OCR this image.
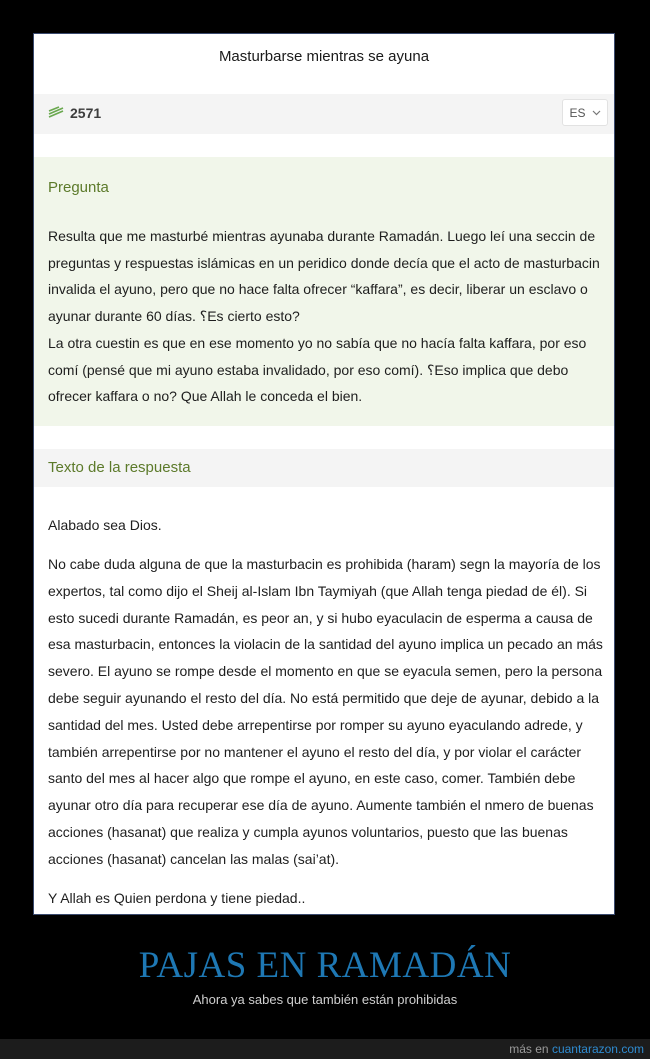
Masturbarse mientras se ayuna
2571	ES
Pregunta
Resulta que me masturbé mientras ayunaba durante Ramadán. Luego leí una seccin de preguntas y respuestas islámicas en un peridico donde decía que el acto de masturbacin invalida el ayuno, pero que no hace falta ofrecer “kaffara”, es decir, liberar un esclavo o ayunar durante 60 días. ؟Es cierto esto?
La otra cuestin es que en ese momento yo no sabía que no hacía falta kaffara, por eso comí (pensé que mi ayuno estaba invalidado, por eso comí). ؟Eso implica que debo ofrecer kaffara o no? Que Allah le conceda el bien.
Texto de la respuesta

Alabado sea Dios.

No cabe duda alguna de que la masturbacin es prohibida (haram) segn la mayoría de los expertos, tal como dijo el Sheij al-Islam Ibn Taymiyah (que Allah tenga piedad de él). Si esto sucedi durante Ramadán, es peor an, y si hubo eyaculacin de esperma a causa de esa masturbacin, entonces la violacin de la santidad del ayuno implica un pecado an más severo. El ayuno se rompe desde el momento en que se eyacula semen, pero la persona debe seguir ayunando el resto del día. No está permitido que deje de ayunar, debido a la santidad del mes. Usted debe arrepentirse por romper su ayuno eyaculando adrede, y también arrepentirse por no mantener el ayuno el resto del día, y por violar el carácter santo del mes al hacer algo que rompe el ayuno, en este caso, comer. También debe ayunar otro día para recuperar ese día de ayuno. Aumente también el nmero de buenas acciones (hasanat) que realiza y cumpla ayunos voluntarios, puesto que las buenas acciones (hasanat) cancelan las malas (sai’at).

Y Allah es Quien perdona y tiene piedad..

PAJAS EN RAMADÁN
Ahora ya sabes que también están prohibidas
más en cuantarazon.com
